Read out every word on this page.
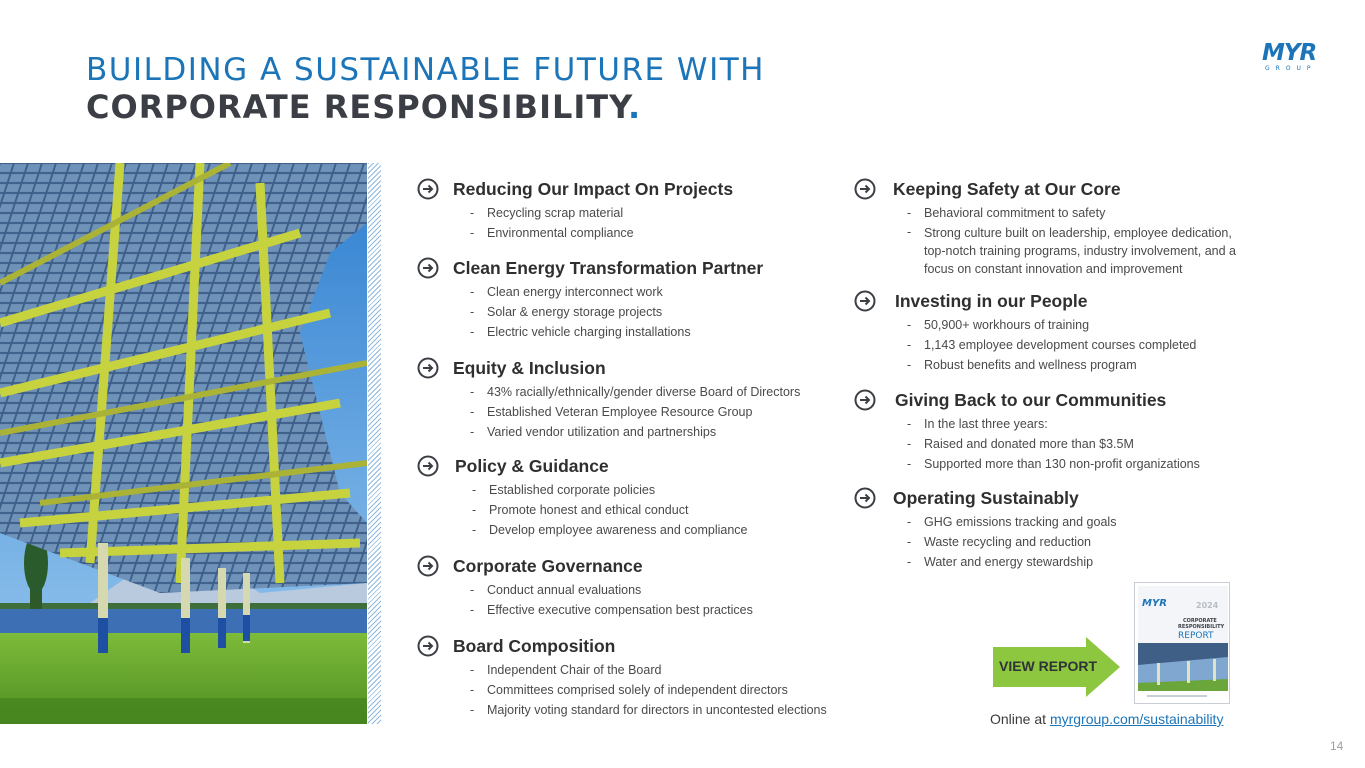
BUILDING A SUSTAINABLE FUTURE WITH
CORPORATE RESPONSIBILITY.
MYR
GROUP
Reducing Our Impact On Projects
- Recycling scrap material
- Environmental compliance
Clean Energy Transformation Partner
- Clean energy interconnect work
- Solar & energy storage projects
- Electric vehicle charging installations
Equity & Inclusion
- 43% racially/ethnically/gender diverse Board of Directors
- Established Veteran Employee Resource Group
- Varied vendor utilization and partnerships
Policy & Guidance
- Established corporate policies
- Promote honest and ethical conduct
- Develop employee awareness and compliance
Corporate Governance
- Conduct annual evaluations
- Effective executive compensation best practices
Board Composition
- Independent Chair of the Board
- Committees comprised solely of independent directors
- Majority voting standard for directors in uncontested elections
Keeping Safety at Our Core
- Behavioral commitment to safety
- Strong culture built on leadership, employee dedication, top-notch training programs, industry involvement, and a focus on constant innovation and improvement
Investing in our People
- 50,900+ workhours of training
- 1,143 employee development courses completed
- Robust benefits and wellness program
Giving Back to our Communities
- In the last three years:
- Raised and donated more than $3.5M
- Supported more than 130 non-profit organizations
Operating Sustainably
- GHG emissions tracking and goals
- Waste recycling and reduction
- Water and energy stewardship
VIEW REPORT
MYR	2024
CORPORATE
RESPONSIBILITY
REPORT
Online at myrgroup.com/sustainability
14
